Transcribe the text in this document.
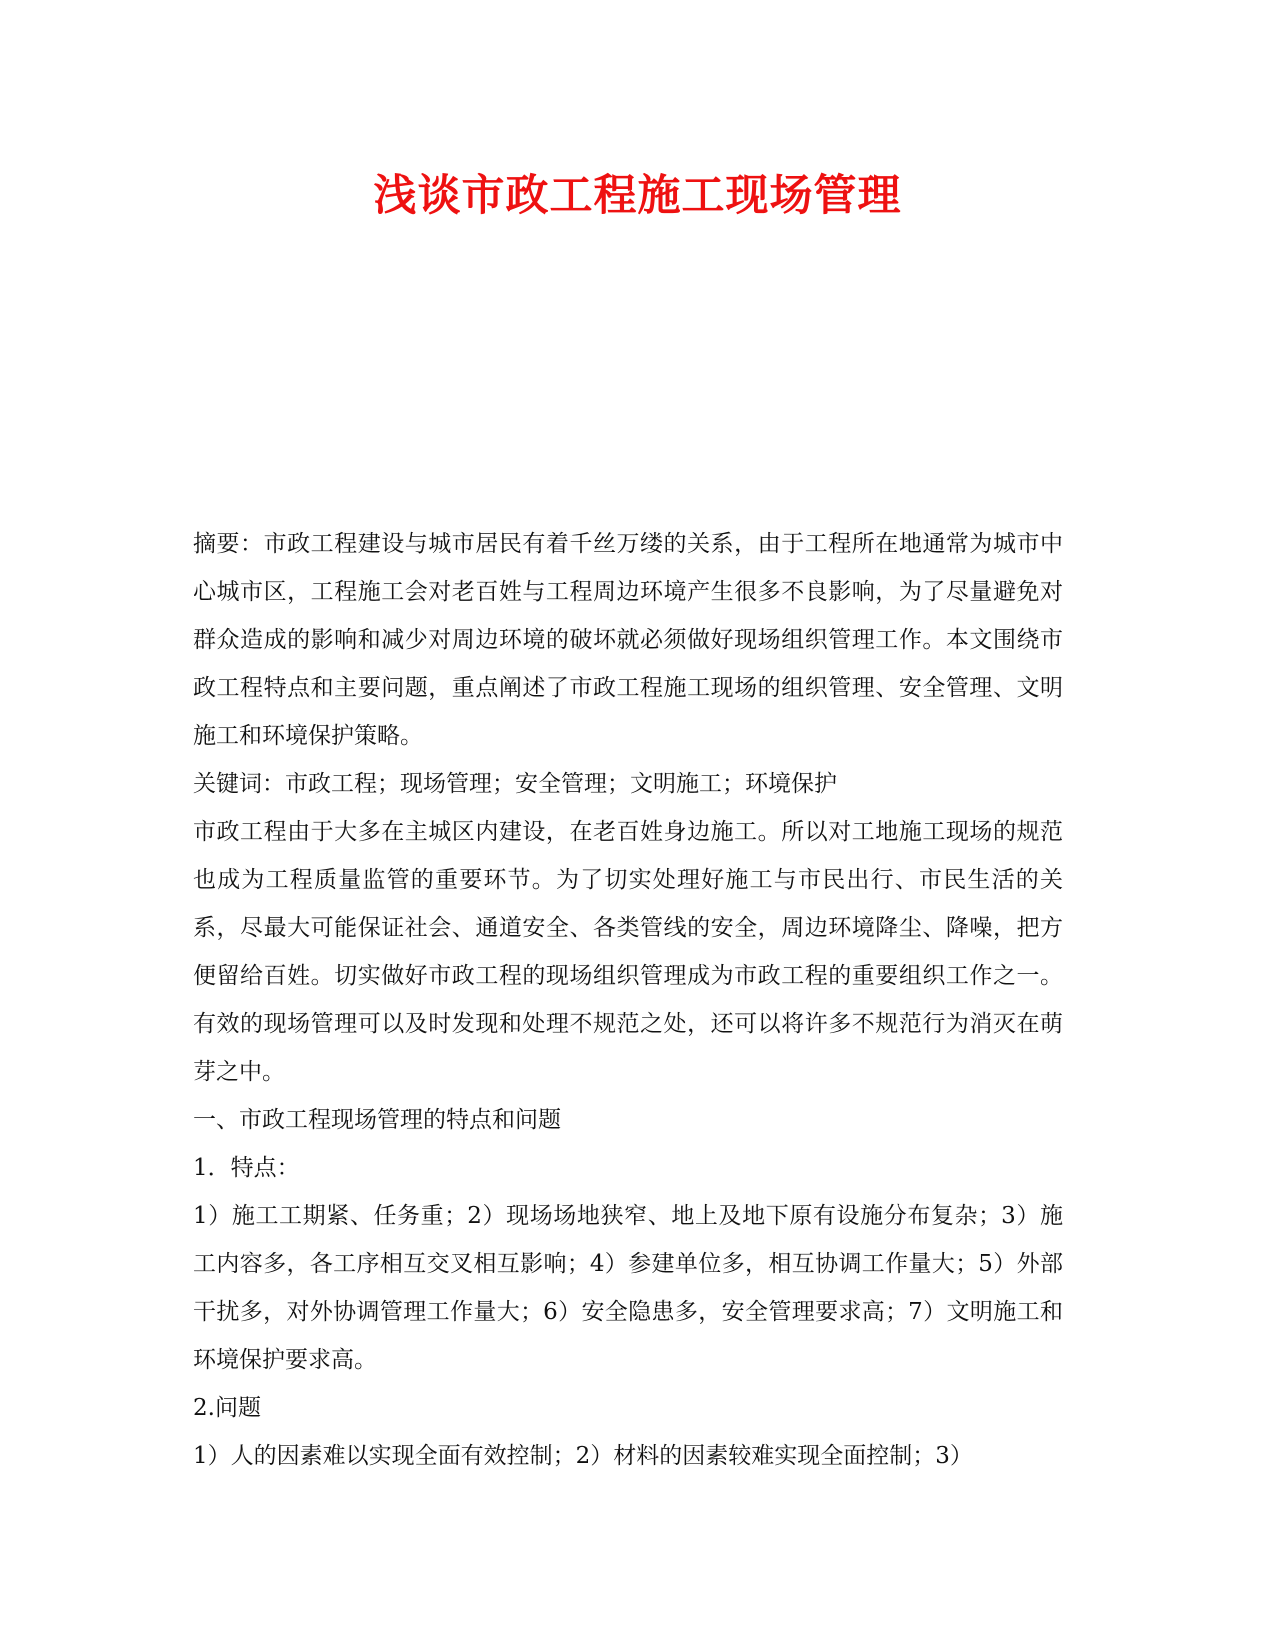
浅谈市政工程施工现场管理

摘要：市政工程建设与城市居民有着千丝万缕的关系，由于工程所在地通常为城市中心城市区，工程施工会对老百姓与工程周边环境产生很多不良影响，为了尽量避免对群众造成的影响和减少对周边环境的破坏就必须做好现场组织管理工作。本文围绕市政工程特点和主要问题，重点阐述了市政工程施工现场的组织管理、安全管理、文明施工和环境保护策略。

关键词：市政工程；现场管理；安全管理；文明施工；环境保护

市政工程由于大多在主城区内建设，在老百姓身边施工。所以对工地施工现场的规范也成为工程质量监管的重要环节。为了切实处理好施工与市民出行、市民生活的关系，尽最大可能保证社会、通道安全、各类管线的安全，周边环境降尘、降噪，把方便留给百姓。切实做好市政工程的现场组织管理成为市政工程的重要组织工作之一。有效的现场管理可以及时发现和处理不规范之处，还可以将许多不规范行为消灭在萌芽之中。

一、市政工程现场管理的特点和问题

1．特点：

1）施工工期紧、任务重；2）现场场地狭窄、地上及地下原有设施分布复杂；3）施工内容多，各工序相互交叉相互影响；4）参建单位多，相互协调工作量大；5）外部干扰多，对外协调管理工作量大；6）安全隐患多，安全管理要求高；7）文明施工和环境保护要求高。

2.问题

1）人的因素难以实现全面有效控制；2）材料的因素较难实现全面控制；3）
